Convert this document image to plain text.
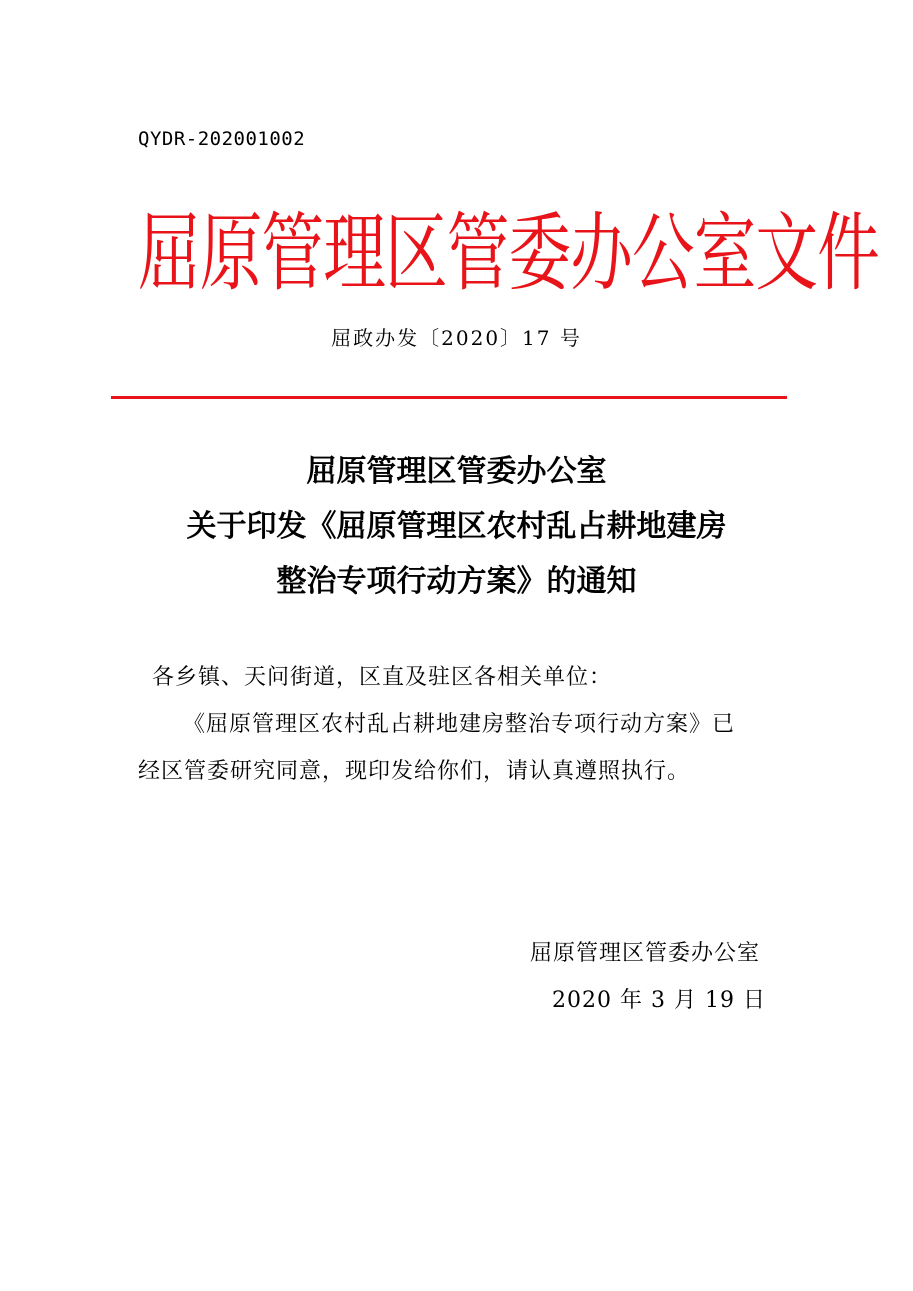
QYDR-202001002
屈原管理区管委办公室文件
屈政办发〔2020〕17 号
屈原管理区管委办公室
关于印发《屈原管理区农村乱占耕地建房
整治专项行动方案》的通知
各乡镇、天问街道，区直及驻区各相关单位：
《屈原管理区农村乱占耕地建房整治专项行动方案》已
经区管委研究同意，现印发给你们，请认真遵照执行。
屈原管理区管委办公室
2020 年 3 月 19 日
